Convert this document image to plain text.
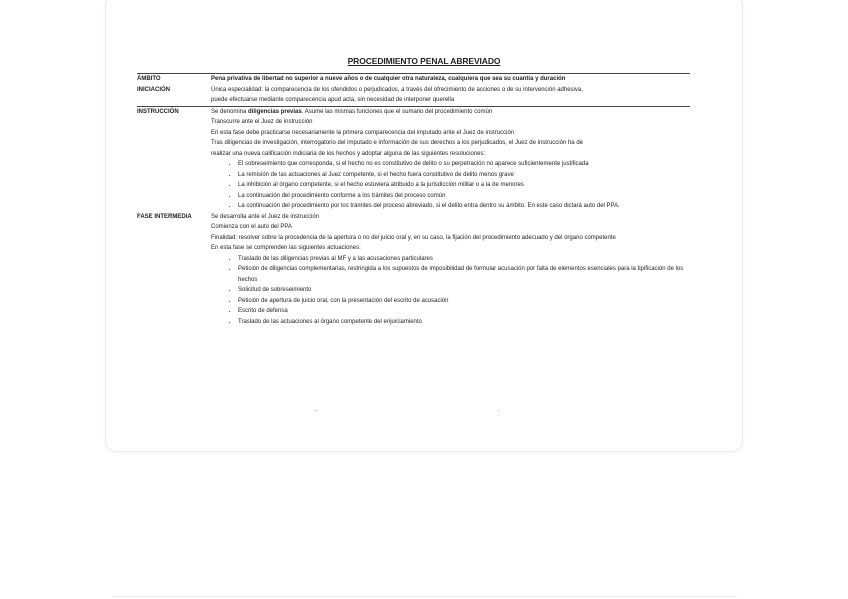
PROCEDIMIENTO PENAL ABREVIADO
ÁMBITO	Pena privativa de libertad no superior a nueve años o de cualquier otra naturaleza, cualquiera que sea su cuantía y duración
INICIACIÓN	Única especialidad: la comparecencia de los ofendidos o perjudicados, a través del ofrecimiento de acciones o de su intervención adhesiva,

puede efectuarse mediante comparecencia apud acta, sin necesidad de interponer querella

INSTRUCCIÓN	Se denomina diligencias previas. Asume las mismas funciones que el sumario del procedimiento común

Transcurre ante el Juez de instrucción

En esta fase debe practicarse necesariamente la primera comparecencia del imputado ante el Juez de instrucción

Tras diligencias de investigación, interrogatorio del imputado e información de sus derechos a los perjudicados, el Juez de instrucción ha de

realizar una nueva calificación indiciaria de los hechos y adoptar alguna de las siguientes resoluciones:

• El sobreseimiento que corresponda, si el hecho no es constitutivo de delito o su perpetración no aparece suficientemente justificada
• La remisión de las actuaciones al Juez competente, si el hecho fuera constitutivo de delito menos grave
• La inhibición al órgano competente, si el hecho estuviera atribuido a la jurisdicción militar o a la de menores
• La continuación del procedimiento conforme a los trámites del proceso común
• La continuación del procedimiento por los trámites del proceso abreviado, si el delito entra dentro su ámbito. En este caso dictará auto del PPA.
FASE INTERMEDIA	Se desarrolla ante el Juez de instrucción

Comienza con el auto del PPA

Finalidad: resolver sobre la procedencia de la apertura o no del juicio oral y, en su caso, la fijación del procedimiento adecuado y del órgano competente

En esta fase se comprenden las siguientes actuaciones:

• Traslado de las diligencias previas al MF y a las acusaciones particulares
• Petición de diligencias complementarias, restringida a los supuestos de imposibilidad de formular acusación por falta de elementos esenciales para la tipificación de los hechos
• Solicitud de sobreseimiento
• Petición de apertura de juicio oral, con la presentación del escrito de acusación
• Escrito de defensa
• Traslado de las actuaciones al órgano competente del enjuiciamiento
